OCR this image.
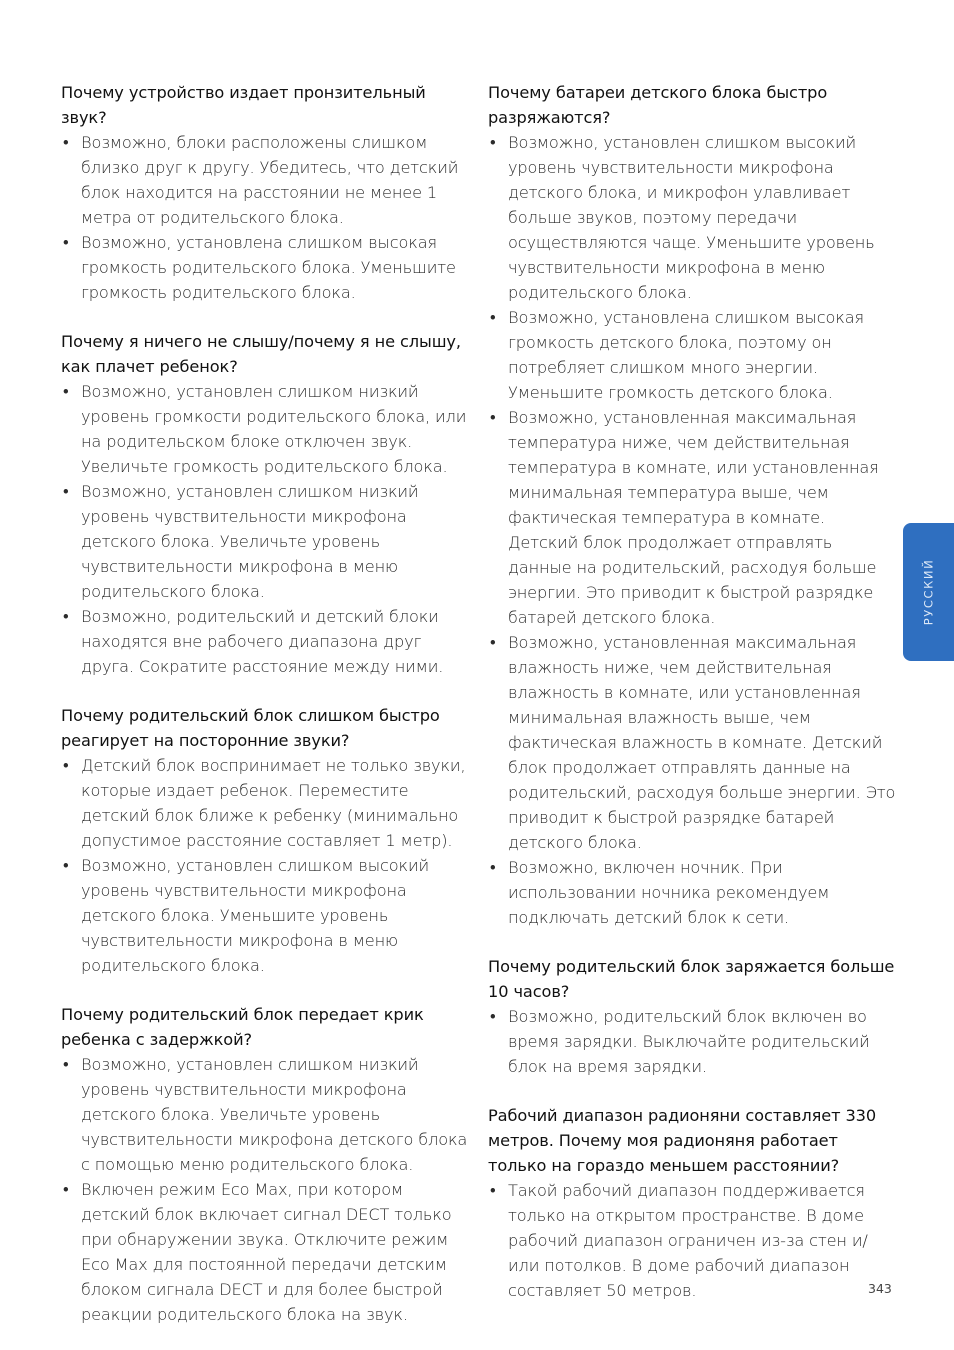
Почему устройство издает пронзительный звук?
• Возможно, блоки расположены слишком близко друг к другу. Убедитесь, что детский блок находится на расстоянии не менее 1 метра от родительского блока.
• Возможно, установлена слишком высокая громкость родительского блока. Уменьшите громкость родительского блока.
Почему я ничего не слышу/почему я не слышу, как плачет ребенок?
• Возможно, установлен слишком низкий уровень громкости родительского блока, или на родительском блоке отключен звук. Увеличьте громкость родительского блока.
• Возможно, установлен слишком низкий уровень чувствительности микрофона детского блока. Увеличьте уровень чувствительности микрофона в меню родительского блока.
• Возможно, родительский и детский блоки находятся вне рабочего диапазона друг друга. Сократите расстояние между ними.
Почему родительский блок слишком быстро реагирует на посторонние звуки?
• Детский блок воспринимает не только звуки, которые издает ребенок. Переместите детский блок ближе к ребенку (минимально допустимое расстояние составляет 1 метр).
• Возможно, установлен слишком высокий уровень чувствительности микрофона детского блока. Уменьшите уровень чувствительности микрофона в меню родительского блока.
Почему родительский блок передает крик ребенка с задержкой?
• Возможно, установлен слишком низкий уровень чувствительности микрофона детского блока. Увеличьте уровень чувствительности микрофона детского блока с помощью меню родительского блока.
• Включен режим Eco Max, при котором детский блок включает сигнал DECT только при обнаружении звука. Отключите режим Eco Max для постоянной передачи детским блоком сигнала DECT и для более быстрой реакции родительского блока на звук.
Почему батареи детского блока быстро разряжаются?
• Возможно, установлен слишком высокий уровень чувствительности микрофона детского блока, и микрофон улавливает больше звуков, поэтому передачи осуществляются чаще. Уменьшите уровень чувствительности микрофона в меню родительского блока.
• Возможно, установлена слишком высокая громкость детского блока, поэтому он потребляет слишком много энергии. Уменьшите громкость детского блока.
• Возможно, установленная максимальная температура ниже, чем действительная температура в комнате, или установленная минимальная температура выше, чем фактическая температура в комнате. Детский блок продолжает отправлять данные на родительский, расходуя больше энергии. Это приводит к быстрой разрядке батарей детского блока.
• Возможно, установленная максимальная влажность ниже, чем действительная влажность в комнате, или установленная минимальная влажность выше, чем фактическая влажность в комнате. Детский блок продолжает отправлять данные на родительский, расходуя больше энергии. Это приводит к быстрой разрядке батарей детского блока.
• Возможно, включен ночник. При использовании ночника рекомендуем подключать детский блок к сети.
Почему родительский блок заряжается больше 10 часов?
• Возможно, родительский блок включен во время зарядки. Выключайте родительский блок на время зарядки.
Рабочий диапазон радионяни составляет 330 метров. Почему моя радионяня работает только на гораздо меньшем расстоянии?
• Такой рабочий диапазон поддерживается только на открытом пространстве. В доме рабочий диапазон ограничен из-за стен и/или потолков. В доме рабочий диапазон составляет 50 метров.
РУССКИЙ
343
